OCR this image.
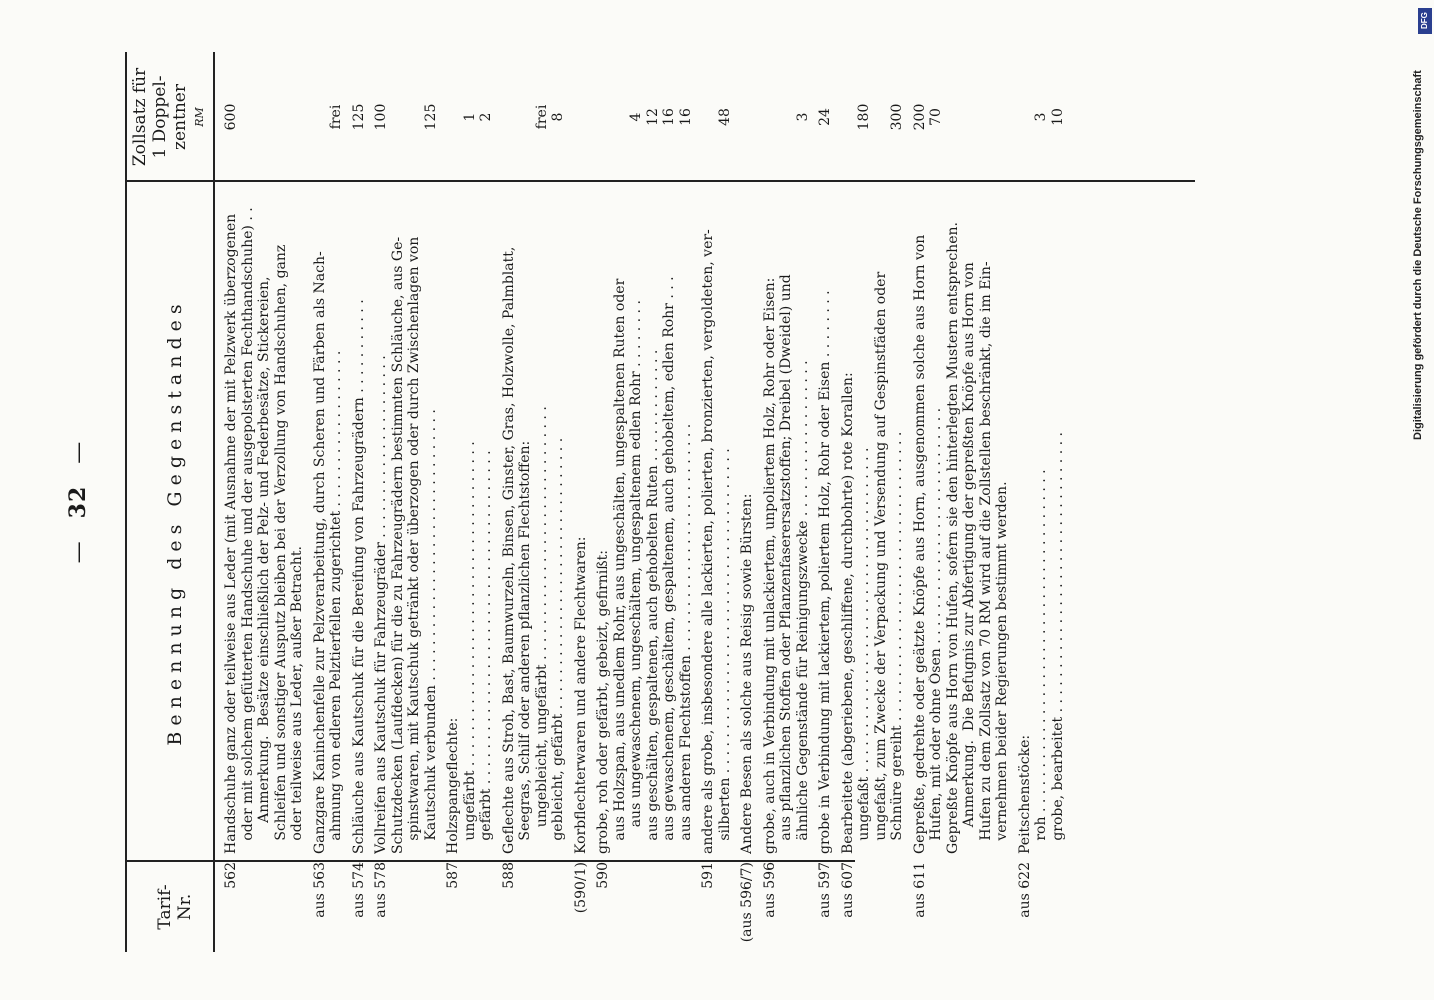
—32—
Tarif- Nr.
Benennung des Gegenstandes
Zollsatz für 1 Doppel- zentner RM
562
Handschuhe ganz oder teilweise aus Leder (mit Ausnahme der mit Pelzwerk überzogenen
600
oder mit solchem gefütterten Handschuhe und der ausgepolsterten Fechthandschuhe) . . Anmerkung.  Besätze einschließlich der Pelz- und Federbesätze, Stickereien, Schleifen und sonstiger Ausputz bleiben bei der Verzollung von Handschuhen, ganz oder teilweise aus Leder, außer Betracht.
aus 563
Ganzgare Kaninchenfelle zur Pelzverarbeitung, durch Scheren und Färben als Nach- ahmung von edleren Pelztierfellen zugerichtet . . . . . . . . . . . . . . . . . .
frei
aus 574
Schläuche aus Kautschuk für die Bereifung von Fahrzeugrädern . . . . . . . . . . .
125
aus 578
Vollreifen aus Kautschuk für Fahrzeugräder . . . . . . . . . . . . . . . . . . . . .
100
Schutzdecken (Laufdecken) für die zu Fahrzeugrädern bestimmten Schläuche, aus Ge- spinstwaren, mit Kautschuk getränkt oder überzogen oder durch Zwischenlagen von Kautschuk verbunden . . . . . . . . . . . . . . . . . . . . . . . . . . . . . . .
125
587
Holzspangeflechte: ungefärbt . . . . . . . . . . . . . . . . . . . . . . . . . . . . . . . . . . . . .
1
gefärbt . . . . . . . . . . . . . . . . . . . . . . . . . . . . . . . . . . . . . .
2
588
Geflechte aus Stroh, Bast, Baumwurzeln, Binsen, Ginster, Gras, Holzwolle, Palmblatt, Seegras, Schilf oder anderen pflanzlichen Flechtstoffen: ungebleicht, ungefärbt . . . . . . . . . . . . . . . . . . . . . . . . . . . . .
frei
gebleicht, gefärbt . . . . . . . . . . . . . . . . . . . . . . . . . . . . . . .
8
(590/1)
Korbflechterwaren und andere Flechtwaren:
590
grobe, roh oder gefärbt, gebeizt, gefirnißt: aus Holzspan, aus unedlem Rohr, aus ungeschälten, ungespaltenen Ruten oder aus ungewaschenem, ungeschältem, ungespaltenem edlen Rohr . . . . . . . .
4
aus geschälten, gespaltenen, auch gehobelten Ruten . . . . . . . . . . . . .
12
aus gewaschenem, geschältem, gespaltenem, auch gehobeltem, edlen Rohr . . .
16
aus anderen Flechtstoffen . . . . . . . . . . . . . . . . . . . . . . . . . .
16
591
andere als grobe, insbesondere alle lackierten, polierten, bronzierten, vergoldeten, ver- silberten . . . . . . . . . . . . . . . . . . . . . . . . . . . . . . . . . . . . .
48
(aus 596/7)
Andere Besen als solche aus Reisig sowie Bürsten:
aus 596
grobe, auch in Verbindung mit unlackiertem, unpoliertem Holz, Rohr oder Eisen: aus pflanzlichen Stoffen oder Pflanzenfaserersatzstoffen; Dreibel (Dweidel) und ähnliche Gegenstände für Reinigungszwecke . . . . . . . . . . . . . . . . . .
3
aus 597
grobe in Verbindung mit lackiertem, poliertem Holz, Rohr oder Eisen . . . . . . . .
24
aus 607
Bearbeitete (abgeriebene, geschliffene, durchbohrte) rote Korallen: ungefaßt . . . . . . . . . . . . . . . . . . . . . . . . . . . . . . . . . . . . .
180
ungefaßt, zum Zwecke der Verpackung und Versendung auf Gespinstfäden oder Schnüre gereiht . . . . . . . . . . . . . . . . . . . . . . . . . . . . . . . . .
300
aus 611
Gepreßte, gedrehte oder geätzte Knöpfe aus Horn, ausgenommen solche aus Horn von
200
Hufen, mit oder ohne Ösen . . . . . . . . . . . . . . . . . . . . . . . . . . .
70
Gepreßte Knöpfe aus Horn von Hufen, sofern sie den hinterlegten Mustern entsprechen. Anmerkung.  Die Befugnis zur Abfertigung der gepreßten Knöpfe aus Horn von Hufen zu dem Zollsatz von 70 RM wird auf die Zollstellen beschränkt, die im Ein- vernehmen beider Regierungen bestimmt werden.
aus 622
Peitschenstöcke: roh . . . . . . . . . . . . . . . . . . . . . . . . . . . . . . . . . . . . . . .
3
grobe, bearbeitet . . . . . . . . . . . . . . . . . . . . . . . . . . . . . . . .
10
DFG
Digitalisierung gefördert durch die Deutsche Forschungsgemeinschaft
